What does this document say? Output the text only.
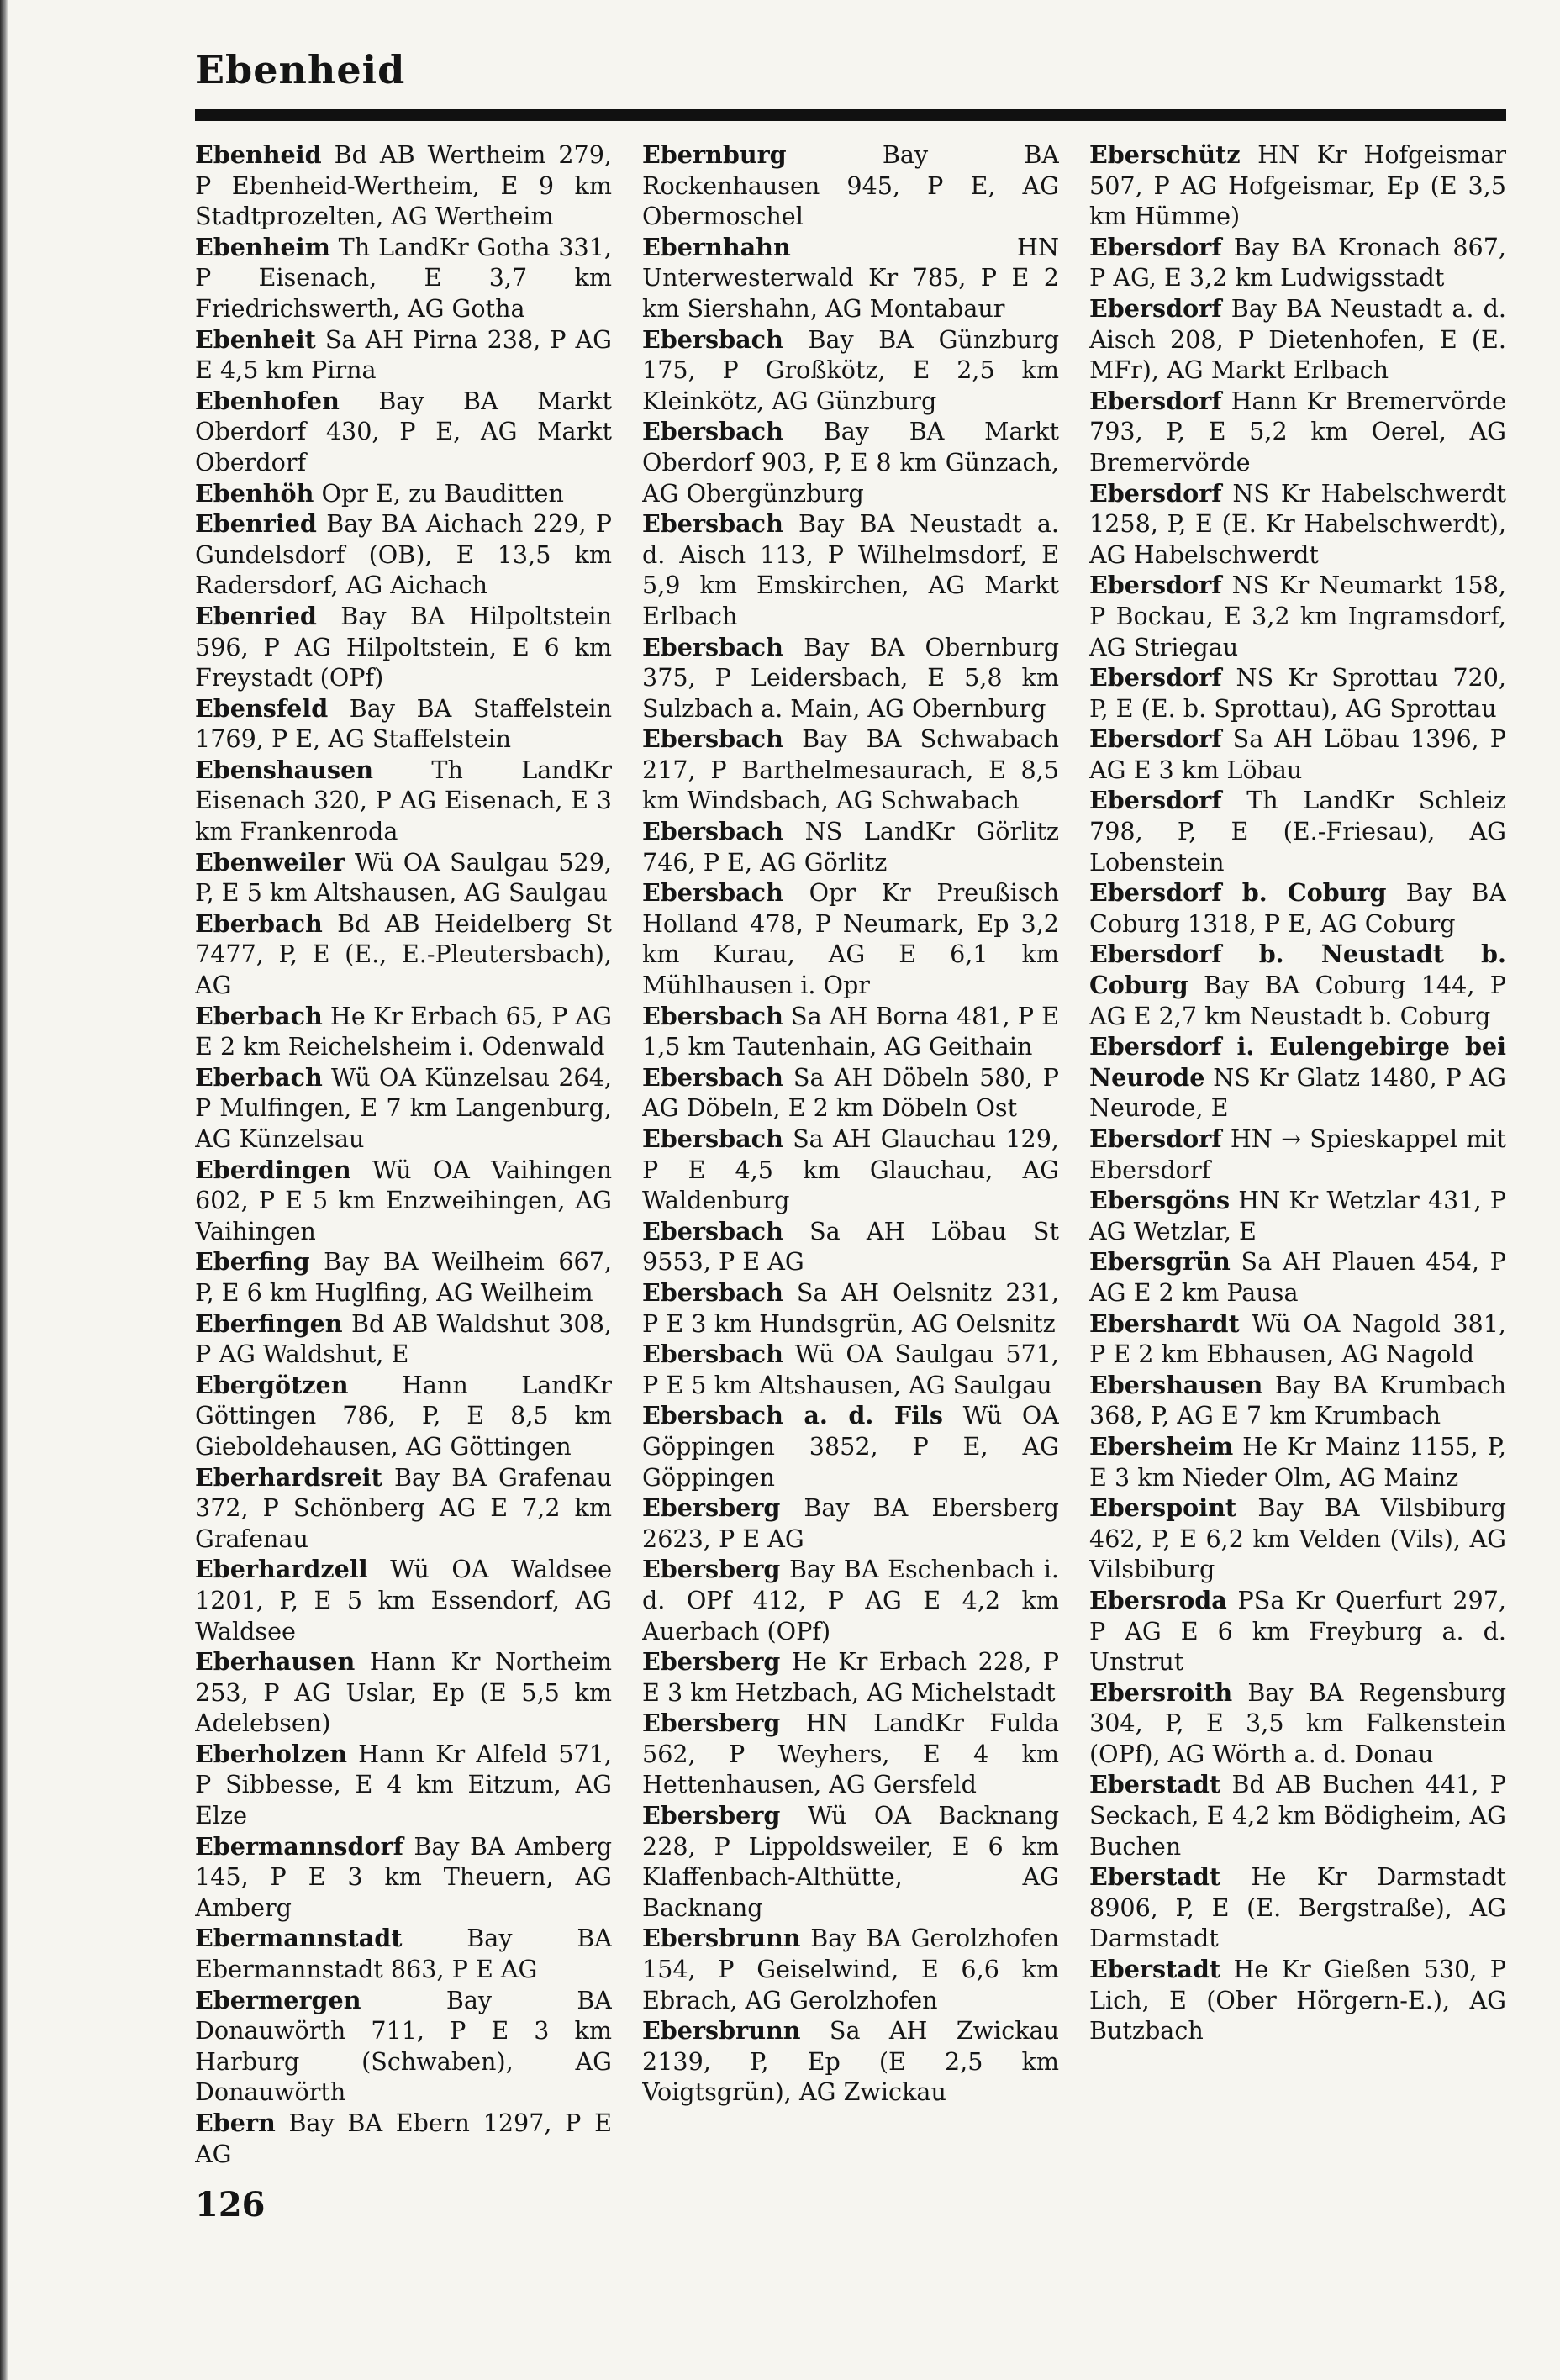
Ebenheid

Ebenheid Bd AB Wertheim 279, P Ebenheid-Wertheim, E 9 km Stadtprozelten, AG Wertheim

Ebenheim Th LandKr Gotha 331, P Eisenach, E 3,7 km Friedrichswerth, AG Gotha

Ebenheit Sa AH Pirna 238, P AG E 4,5 km Pirna

Ebenhofen Bay BA Markt Oberdorf 430, P E, AG Markt Oberdorf

Ebenhöh Opr E, zu Bauditten

Ebenried Bay BA Aichach 229, P Gundelsdorf (OB), E 13,5 km Radersdorf, AG Aichach

Ebenried Bay BA Hilpoltstein 596, P AG Hilpoltstein, E 6 km Freystadt (OPf)

Ebensfeld Bay BA Staffelstein 1769, P E, AG Staffelstein

Ebenshausen Th LandKr Eisenach 320, P AG Eisenach, E 3 km Frankenroda

Ebenweiler Wü OA Saulgau 529, P, E 5 km Altshausen, AG Saulgau

Eberbach Bd AB Heidelberg St 7477, P, E (E., E.-Pleutersbach), AG

Eberbach He Kr Erbach 65, P AG E 2 km Reichelsheim i. Odenwald

Eberbach Wü OA Künzelsau 264, P Mulfingen, E 7 km Langenburg, AG Künzelsau

Eberdingen Wü OA Vaihingen 602, P E 5 km Enzweihingen, AG Vaihingen

Eberfing Bay BA Weilheim 667, P, E 6 km Huglfing, AG Weilheim

Eberfingen Bd AB Waldshut 308, P AG Waldshut, E

Ebergötzen Hann LandKr Göttingen 786, P, E 8,5 km Gieboldehausen, AG Göttingen

Eberhardsreit Bay BA Grafenau 372, P Schönberg AG E 7,2 km Grafenau

Eberhardzell Wü OA Waldsee 1201, P, E 5 km Essendorf, AG Waldsee

Eberhausen Hann Kr Northeim 253, P AG Uslar, Ep (E 5,5 km Adelebsen)

Eberholzen Hann Kr Alfeld 571, P Sibbesse, E 4 km Eitzum, AG Elze

Ebermannsdorf Bay BA Amberg 145, P E 3 km Theuern, AG Amberg

Ebermannstadt Bay BA Ebermannstadt 863, P E AG

Ebermergen Bay BA Donauwörth 711, P E 3 km Harburg (Schwaben), AG Donauwörth

Ebern Bay BA Ebern 1297, P E AG

Ebernburg Bay BA Rockenhausen 945, P E, AG Obermoschel

Ebernhahn HN Unterwesterwald Kr 785, P E 2 km Siershahn, AG Montabaur

Ebersbach Bay BA Günzburg 175, P Großkötz, E 2,5 km Kleinkötz, AG Günzburg

Ebersbach Bay BA Markt Oberdorf 903, P, E 8 km Günzach, AG Obergünzburg

Ebersbach Bay BA Neustadt a. d. Aisch 113, P Wilhelmsdorf, E 5,9 km Emskirchen, AG Markt Erlbach

Ebersbach Bay BA Obernburg 375, P Leidersbach, E 5,8 km Sulzbach a. Main, AG Obernburg

Ebersbach Bay BA Schwabach 217, P Barthelmesaurach, E 8,5 km Windsbach, AG Schwabach

Ebersbach NS LandKr Görlitz 746, P E, AG Görlitz

Ebersbach Opr Kr Preußisch Holland 478, P Neumark, Ep 3,2 km Kurau, AG E 6,1 km Mühlhausen i. Opr

Ebersbach Sa AH Borna 481, P E 1,5 km Tautenhain, AG Geithain

Ebersbach Sa AH Döbeln 580, P AG Döbeln, E 2 km Döbeln Ost

Ebersbach Sa AH Glauchau 129, P E 4,5 km Glauchau, AG Waldenburg

Ebersbach Sa AH Löbau St 9553, P E AG

Ebersbach Sa AH Oelsnitz 231, P E 3 km Hundsgrün, AG Oelsnitz

Ebersbach Wü OA Saulgau 571, P E 5 km Altshausen, AG Saulgau

Ebersbach a. d. Fils Wü OA Göppingen 3852, P E, AG Göppingen

Ebersberg Bay BA Ebersberg 2623, P E AG

Ebersberg Bay BA Eschenbach i. d. OPf 412, P AG E 4,2 km Auerbach (OPf)

Ebersberg He Kr Erbach 228, P E 3 km Hetzbach, AG Michelstadt

Ebersberg HN LandKr Fulda 562, P Weyhers, E 4 km Hettenhausen, AG Gersfeld

Ebersberg Wü OA Backnang 228, P Lippoldsweiler, E 6 km Klaffenbach-Althütte, AG Backnang

Ebersbrunn Bay BA Gerolzhofen 154, P Geiselwind, E 6,6 km Ebrach, AG Gerolzhofen

Ebersbrunn Sa AH Zwickau 2139, P, Ep (E 2,5 km Voigtsgrün), AG Zwickau

Eberschütz HN Kr Hofgeismar 507, P AG Hofgeismar, Ep (E 3,5 km Hümme)

Ebersdorf Bay BA Kronach 867, P AG, E 3,2 km Ludwigsstadt

Ebersdorf Bay BA Neustadt a. d. Aisch 208, P Dietenhofen, E (E. MFr), AG Markt Erlbach

Ebersdorf Hann Kr Bremervörde 793, P, E 5,2 km Oerel, AG Bremervörde

Ebersdorf NS Kr Habelschwerdt 1258, P, E (E. Kr Habelschwerdt), AG Habelschwerdt

Ebersdorf NS Kr Neumarkt 158, P Bockau, E 3,2 km Ingramsdorf, AG Striegau

Ebersdorf NS Kr Sprottau 720, P, E (E. b. Sprottau), AG Sprottau

Ebersdorf Sa AH Löbau 1396, P AG E 3 km Löbau

Ebersdorf Th LandKr Schleiz 798, P, E (E.-Friesau), AG Lobenstein

Ebersdorf b. Coburg Bay BA Coburg 1318, P E, AG Coburg

Ebersdorf b. Neustadt b. Coburg Bay BA Coburg 144, P AG E 2,7 km Neustadt b. Coburg

Ebersdorf i. Eulengebirge bei Neurode NS Kr Glatz 1480, P AG Neurode, E

Ebersdorf HN → Spieskappel mit Ebersdorf

Ebersgöns HN Kr Wetzlar 431, P AG Wetzlar, E

Ebersgrün Sa AH Plauen 454, P AG E 2 km Pausa

Ebershardt Wü OA Nagold 381, P E 2 km Ebhausen, AG Nagold

Ebershausen Bay BA Krumbach 368, P, AG E 7 km Krumbach

Ebersheim He Kr Mainz 1155, P, E 3 km Nieder Olm, AG Mainz

Eberspoint Bay BA Vilsbiburg 462, P, E 6,2 km Velden (Vils), AG Vilsbiburg

Ebersroda PSa Kr Querfurt 297, P AG E 6 km Freyburg a. d. Unstrut

Ebersroith Bay BA Regensburg 304, P, E 3,5 km Falkenstein (OPf), AG Wörth a. d. Donau

Eberstadt Bd AB Buchen 441, P Seckach, E 4,2 km Bödigheim, AG Buchen

Eberstadt He Kr Darmstadt 8906, P, E (E. Bergstraße), AG Darmstadt

Eberstadt He Kr Gießen 530, P Lich, E (Ober Hörgern-E.), AG Butzbach

126
